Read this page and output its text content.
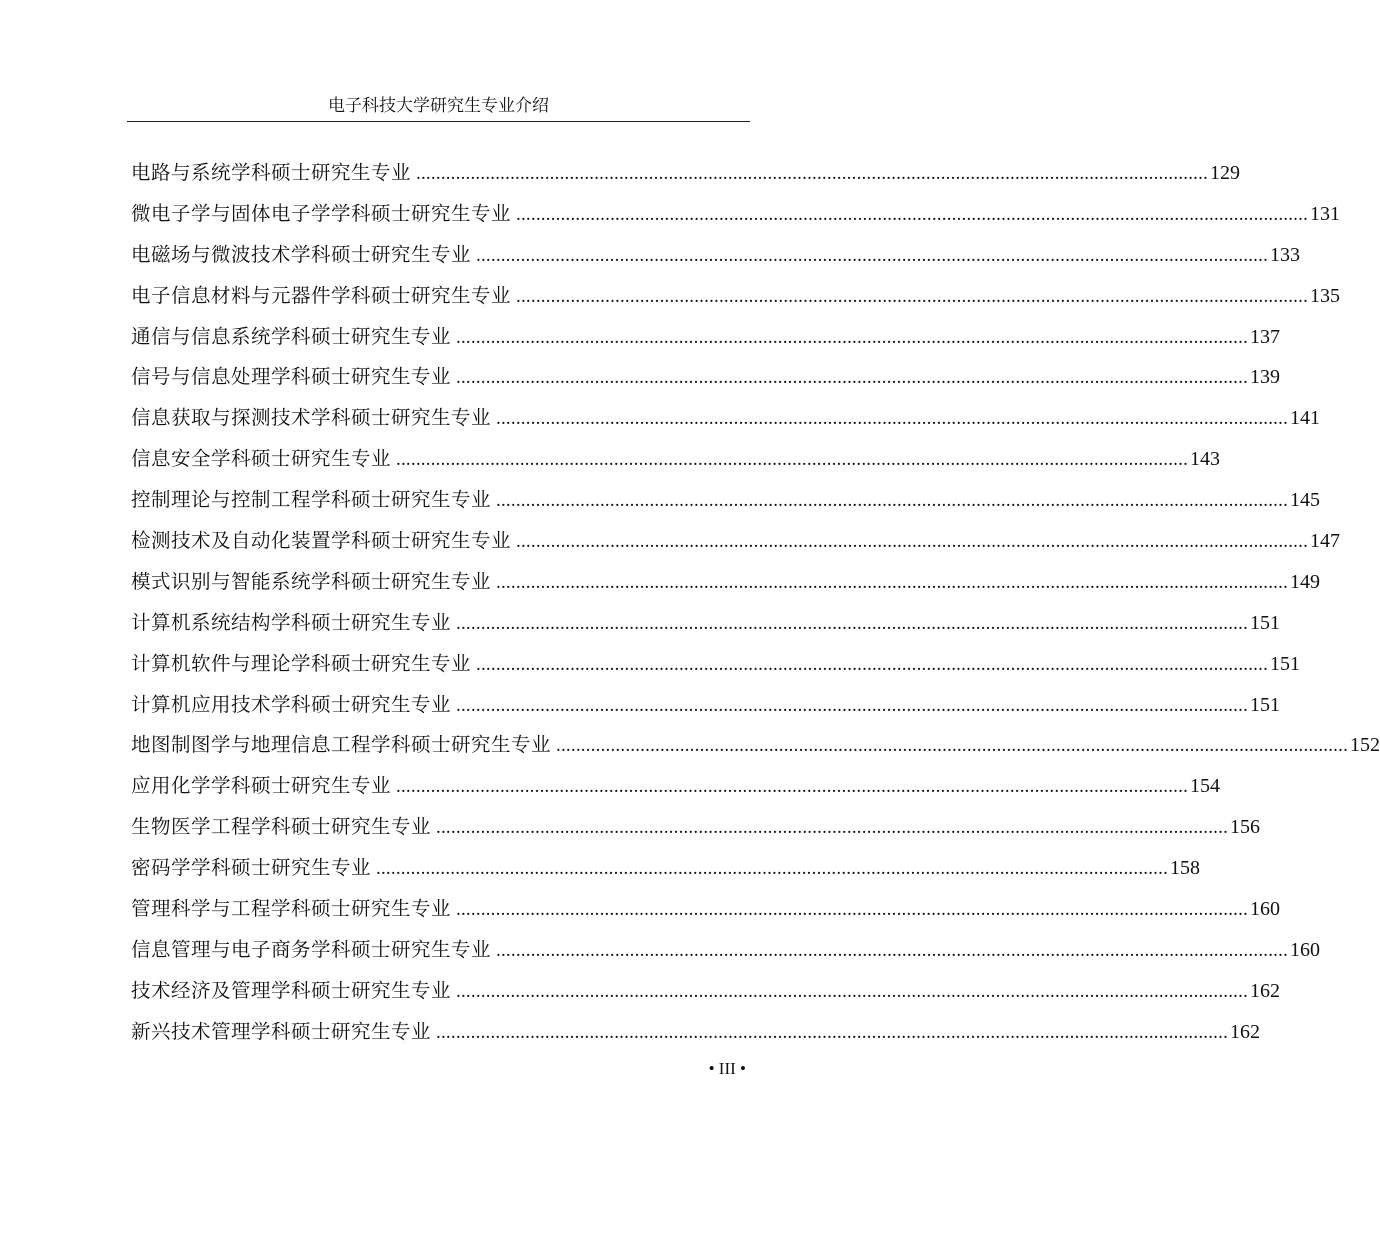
电子科技大学研究生专业介绍
电路与系统学科硕士研究生专业 ................................................................................................................................................................ 129
微电子学与固体电子学学科硕士研究生专业 ................................................................................................................................................................ 131
电磁场与微波技术学科硕士研究生专业 ................................................................................................................................................................ 133
电子信息材料与元器件学科硕士研究生专业 ................................................................................................................................................................ 135
通信与信息系统学科硕士研究生专业 ................................................................................................................................................................ 137
信号与信息处理学科硕士研究生专业 ................................................................................................................................................................ 139
信息获取与探测技术学科硕士研究生专业 ................................................................................................................................................................ 141
信息安全学科硕士研究生专业 ................................................................................................................................................................ 143
控制理论与控制工程学科硕士研究生专业 ................................................................................................................................................................ 145
检测技术及自动化装置学科硕士研究生专业 ................................................................................................................................................................ 147
模式识别与智能系统学科硕士研究生专业 ................................................................................................................................................................ 149
计算机系统结构学科硕士研究生专业 ................................................................................................................................................................ 151
计算机软件与理论学科硕士研究生专业 ................................................................................................................................................................ 151
计算机应用技术学科硕士研究生专业 ................................................................................................................................................................ 151
地图制图学与地理信息工程学科硕士研究生专业 ................................................................................................................................................................ 152
应用化学学科硕士研究生专业 ................................................................................................................................................................ 154
生物医学工程学科硕士研究生专业 ................................................................................................................................................................ 156
密码学学科硕士研究生专业 ................................................................................................................................................................ 158
管理科学与工程学科硕士研究生专业 ................................................................................................................................................................ 160
信息管理与电子商务学科硕士研究生专业 ................................................................................................................................................................ 160
技术经济及管理学科硕士研究生专业 ................................................................................................................................................................ 162
新兴技术管理学科硕士研究生专业 ................................................................................................................................................................ 162
• III •
